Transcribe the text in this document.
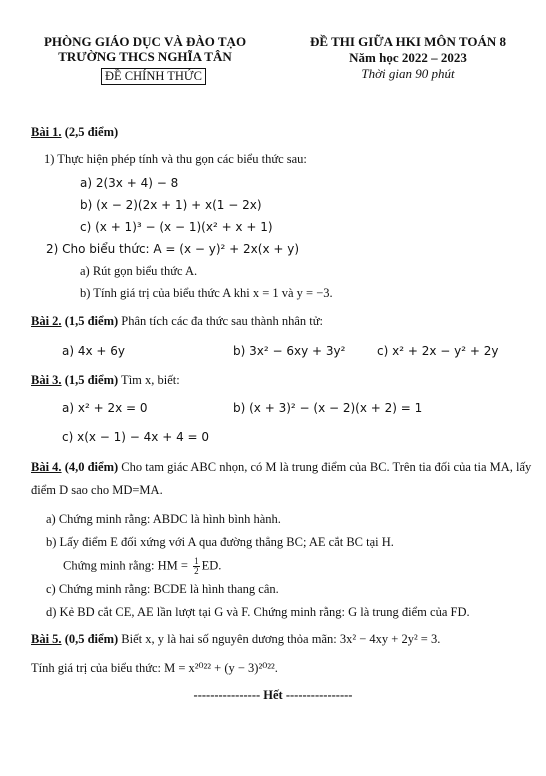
PHÒNG GIÁO DỤC VÀ ĐÀO TẠO
TRƯỜNG THCS NGHĨA TÂN
ĐỀ CHÍNH THỨC
ĐỀ THI GIỮA HKI MÔN TOÁN 8
Năm học 2022 – 2023
Thời gian 90 phút
Bài 1. (2,5 điểm)
1) Thực hiện phép tính và thu gọn các biểu thức sau:
a) 2(3x + 4) − 8
b) (x − 2)(2x + 1) + x(1 − 2x)
c) (x + 1)³ − (x − 1)(x² + x + 1)
2) Cho biểu thức: A = (x − y)² + 2x(x + y)
a) Rút gọn biểu thức A.
b) Tính giá trị của biểu thức A khi x = 1 và y = −3.
Bài 2. (1,5 điểm) Phân tích các đa thức sau thành nhân tử:
a) 4x + 6y	b) 3x² − 6xy + 3y²	c) x² + 2x − y² + 2y
Bài 3. (1,5 điểm) Tìm x, biết:
a) x² + 2x = 0	b) (x + 3)² − (x − 2)(x + 2) = 1
c) x(x − 1) − 4x + 4 = 0
Bài 4. (4,0 điểm) Cho tam giác ABC nhọn, có M là trung điểm của BC. Trên tia đối của tia MA, lấy
điểm D sao cho MD=MA.
a) Chứng minh rằng: ABDC là hình bình hành.
b) Lấy điểm E đối xứng với A qua đường thẳng BC; AE cắt BC tại H.
Chứng minh rằng: HM = $\frac{1}{2}$ ED.
c) Chứng minh rằng: BCDE là hình thang cân.
d) Kẻ BD cắt CE, AE lần lượt tại G và F. Chứng minh rằng: G là trung điểm của FD.
Bài 5. (0,5 điểm) Biết x, y là hai số nguyên dương thỏa mãn: 3x² − 4xy + 2y² = 3.
Tính giá trị của biểu thức: M = x²⁰²² + (y − 3)²⁰²².
---------------- Hết ----------------
